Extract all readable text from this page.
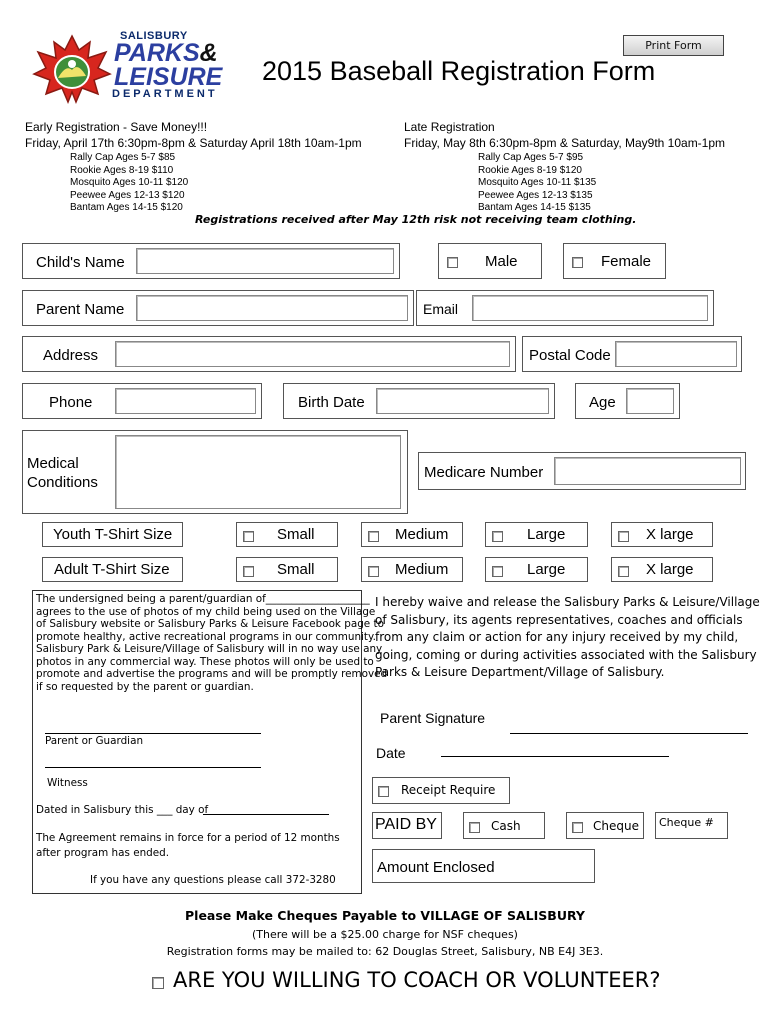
SALISBURY
PARKS&
LEISURE
DEPARTMENT
Print Form
2015 Baseball Registration Form
Early Registration - Save Money!!!
Friday, April 17th 6:30pm-8pm & Saturday April 18th 10am-1pm
Rally Cap Ages 5-7 $85
Rookie Ages 8-19 $110
Mosquito Ages 10-11 $120
Peewee Ages 12-13 $120
Bantam Ages 14-15 $120
Late Registration
Friday, May 8th 6:30pm-8pm & Saturday, May9th 10am-1pm
Rally Cap Ages 5-7 $95
Rookie Ages 8-19 $120
Mosquito Ages 10-11 $135
Peewee Ages 12-13 $135
Bantam Ages 14-15 $135
Registrations received after May 12th risk not receiving team clothing.
Child's Name	Male	Female
Parent Name	Email
Address	Postal Code
Phone	Birth Date	Age
Medical
Conditions
Medicare Number
Youth T-Shirt Size	Small	Medium	Large	X large
Adult T-Shirt Size	Small	Medium	Large	X large
The undersigned being a parent/guardian of____________________
agrees to the use of photos of my child being used on the Village
of Salisbury website or Salisbury Parks & Leisure Facebook page to
promote healthy, active recreational programs in our community.
Salisbury Park & Leisure/Village of Salisbury will in no way use any
photos in any commercial way. These photos will only be used to
promote and advertise the programs and will be promptly removed
if so requested by the parent or guardian.
Parent or Guardian
Witness
Dated in Salisbury this ___ day of
The Agreement remains in force for a period of 12 months
after program has ended.
If you have any questions please call 372-3280
I hereby waive and release the Salisbury Parks & Leisure/Village
of Salisbury, its agents representatives, coaches and officials
from any claim or action for any injury received by my child,
going, coming or during activities associated with the Salisbury
Parks & Leisure Department/Village of Salisbury.
Parent Signature
Date
Receipt Require
PAID BY	Cash	Cheque Cheque #
Amount Enclosed
Please Make Cheques Payable to VILLAGE OF SALISBURY
(There will be a $25.00 charge for NSF cheques)
Registration forms may be mailed to: 62 Douglas Street, Salisbury, NB E4J 3E3.
ARE YOU WILLING TO COACH OR VOLUNTEER?
